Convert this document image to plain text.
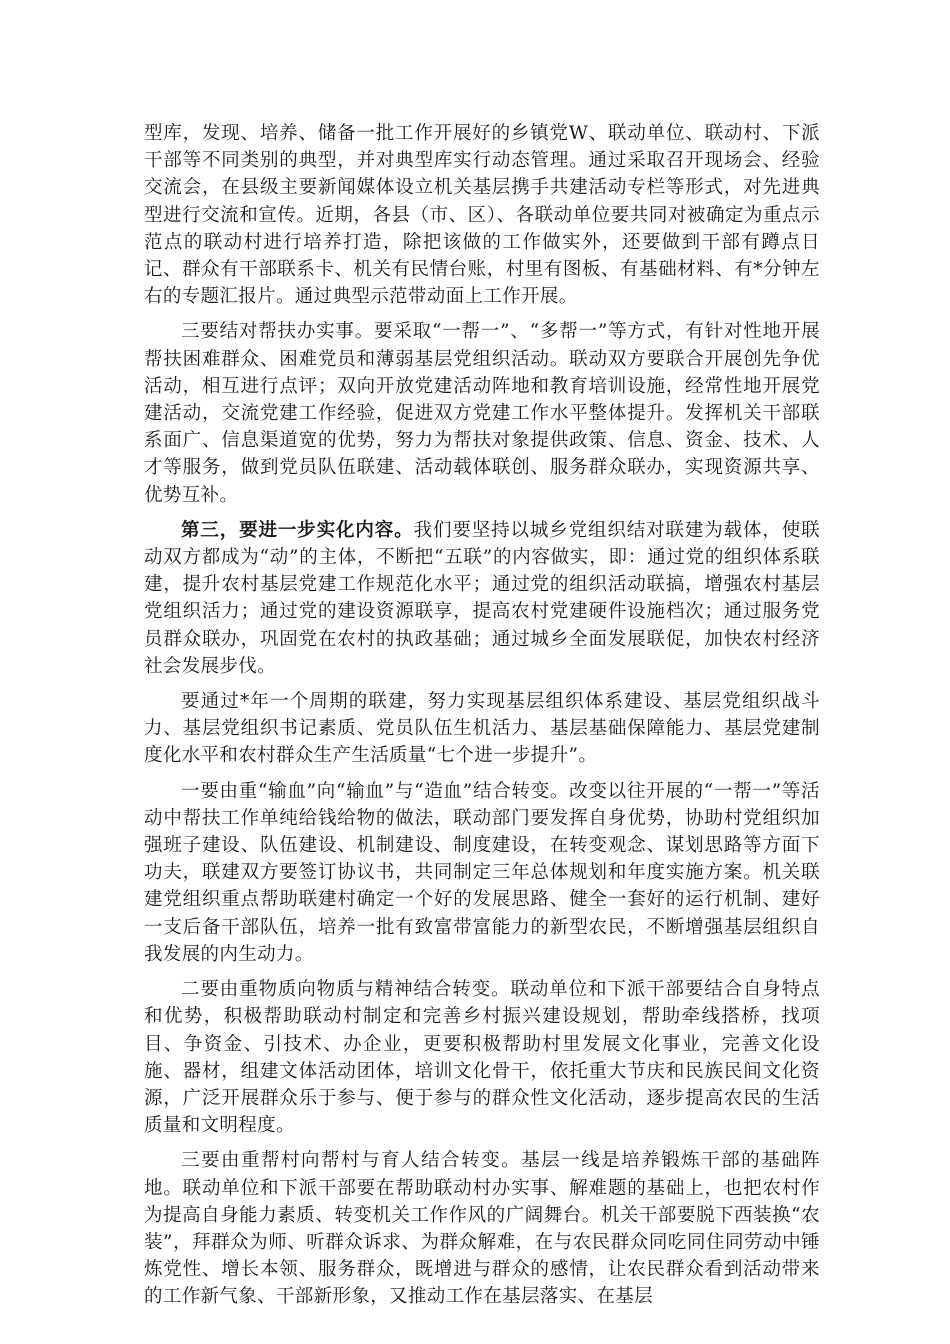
型库，发现、培养、储备一批工作开展好的乡镇党W、联动单位、联动村、下派干部等不同类别的典型，并对典型库实行动态管理。通过采取召开现场会、经验交流会，在县级主要新闻媒体设立机关基层携手共建活动专栏等形式，对先进典型进行交流和宣传。近期，各县（市、区）、各联动单位要共同对被确定为重点示范点的联动村进行培养打造，除把该做的工作做实外，还要做到干部有蹲点日记、群众有干部联系卡、机关有民情台账，村里有图板、有基础材料、有*分钟左右的专题汇报片。通过典型示范带动面上工作开展。

三要结对帮扶办实事。要采取“一帮一”、“多帮一”等方式，有针对性地开展帮扶困难群众、困难党员和薄弱基层党组织活动。联动双方要联合开展创先争优活动，相互进行点评；双向开放党建活动阵地和教育培训设施，经常性地开展党建活动，交流党建工作经验，促进双方党建工作水平整体提升。发挥机关干部联系面广、信息渠道宽的优势，努力为帮扶对象提供政策、信息、资金、技术、人才等服务，做到党员队伍联建、活动载体联创、服务群众联办，实现资源共享、优势互补。

第三，要进一步实化内容。我们要坚持以城乡党组织结对联建为载体，使联动双方都成为“动”的主体，不断把“五联”的内容做实，即：通过党的组织体系联建，提升农村基层党建工作规范化水平；通过党的组织活动联搞，增强农村基层党组织活力；通过党的建设资源联享，提高农村党建硬件设施档次；通过服务党员群众联办，巩固党在农村的执政基础；通过城乡全面发展联促，加快农村经济社会发展步伐。

要通过*年一个周期的联建，努力实现基层组织体系建设、基层党组织战斗力、基层党组织书记素质、党员队伍生机活力、基层基础保障能力、基层党建制度化水平和农村群众生产生活质量“七个进一步提升”。

一要由重“输血”向“输血”与“造血”结合转变。改变以往开展的“一帮一”等活动中帮扶工作单纯给钱给物的做法，联动部门要发挥自身优势，协助村党组织加强班子建设、队伍建设、机制建设、制度建设，在转变观念、谋划思路等方面下功夫，联建双方要签订协议书，共同制定三年总体规划和年度实施方案。机关联建党组织重点帮助联建村确定一个好的发展思路、健全一套好的运行机制、建好一支后备干部队伍，培养一批有致富带富能力的新型农民，不断增强基层组织自我发展的内生动力。

二要由重物质向物质与精神结合转变。联动单位和下派干部要结合自身特点和优势，积极帮助联动村制定和完善乡村振兴建设规划，帮助牵线搭桥，找项目、争资金、引技术、办企业，更要积极帮助村里发展文化事业，完善文化设施、器材，组建文体活动团体，培训文化骨干，依托重大节庆和民族民间文化资源，广泛开展群众乐于参与、便于参与的群众性文化活动，逐步提高农民的生活质量和文明程度。

三要由重帮村向帮村与育人结合转变。基层一线是培养锻炼干部的基础阵地。联动单位和下派干部要在帮助联动村办实事、解难题的基础上，也把农村作为提高自身能力素质、转变机关工作作风的广阔舞台。机关干部要脱下西装换“农装”，拜群众为师、听群众诉求、为群众解难，在与农民群众同吃同住同劳动中锤炼党性、增长本领、服务群众，既增进与群众的感情，让农民群众看到活动带来的工作新气象、干部新形象，又推动工作在基层落实、在基层
